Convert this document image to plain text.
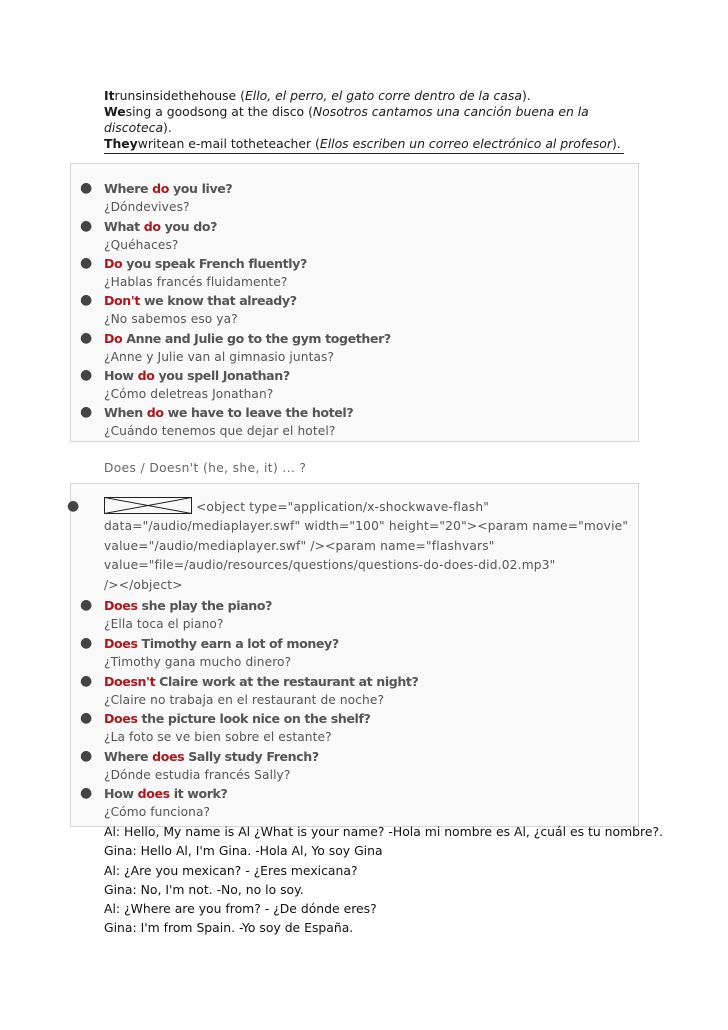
Itrunsinsidethehouse (Ello, el perro, el gato corre dentro de la casa).
Wesing a goodsong at the disco (Nosotros cantamos una canción buena en la
discoteca).
Theywritean e-mail totheteacher (Ellos escriben un correo electrónico al profesor).
● Where do you live?
¿Dóndevives?
● What do you do?
¿Quéhaces?
● Do you speak French fluently?
¿Hablas francés fluidamente?
● Don't we know that already?
¿No sabemos eso ya?
● Do Anne and Julie go to the gym together?
¿Anne y Julie van al gimnasio juntas?
● How do you spell Jonathan?
¿Cómo deletreas Jonathan?
● When do we have to leave the hotel?
¿Cuándo tenemos que dejar el hotel?
Does / Doesn't (he, she, it) ... ?
●	<object type="application/x-shockwave-flash"
data="/audio/mediaplayer.swf" width="100" height="20"><param name="movie"
value="/audio/mediaplayer.swf" /><param name="flashvars"
value="file=/audio/resources/questions/questions-do-does-did.02.mp3"
/></object>
● Does she play the piano?
¿Ella toca el piano?
● Does Timothy earn a lot of money?
¿Timothy gana mucho dinero?
● Doesn't Claire work at the restaurant at night?
¿Claire no trabaja en el restaurant de noche?
● Does the picture look nice on the shelf?
¿La foto se ve bien sobre el estante?
● Where does Sally study French?
¿Dónde estudia francés Sally?
● How does it work?
¿Cómo funciona?
Al: Hello, My name is Al ¿What is your name? -Hola mi nombre es Al, ¿cuál es tu nombre?.
Gina: Hello Al, I'm Gina. -Hola Al, Yo soy Gina
Al: ¿Are you mexican? - ¿Eres mexicana?
Gina: No, I'm not. -No, no lo soy.
Al: ¿Where are you from? - ¿De dónde eres?
Gina: I'm from Spain. -Yo soy de España.
